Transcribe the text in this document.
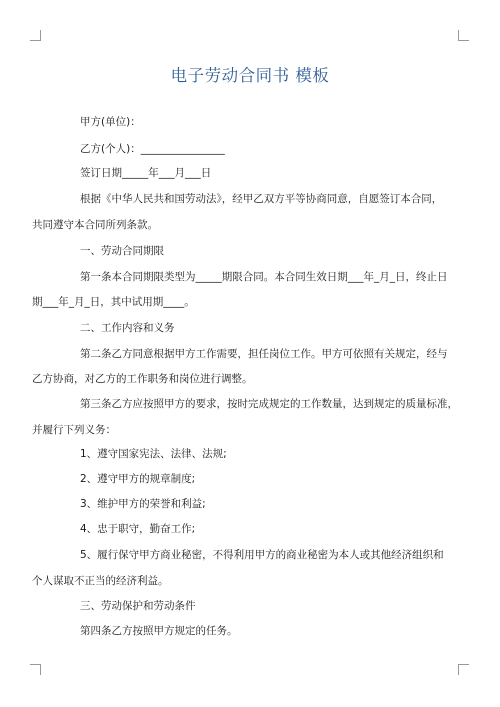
电子劳动合同书 模板
甲方(单位)：
乙方(个人)：________________
签订日期_____年___月___日
根据《中华人民共和国劳动法》，经甲乙双方平等协商同意，自愿签订本合同，
共同遵守本合同所列条款。
一、劳动合同期限
第一条本合同期限类型为_____期限合同。本合同生效日期___年_月_日，终止日
期___年_月_日，其中试用期____。
二、工作内容和义务
第二条乙方同意根据甲方工作需要，担任岗位工作。甲方可依照有关规定，经与
乙方协商，对乙方的工作职务和岗位进行调整。
第三条乙方应按照甲方的要求，按时完成规定的工作数量，达到规定的质量标准，
并履行下列义务：
1、遵守国家宪法、法律、法规;
2、遵守甲方的规章制度;
3、维护甲方的荣誉和利益;
4、忠于职守，勤奋工作;
5、履行保守甲方商业秘密，不得利用甲方的商业秘密为本人或其他经济组织和
个人谋取不正当的经济利益。
三、劳动保护和劳动条件
第四条乙方按照甲方规定的任务。
